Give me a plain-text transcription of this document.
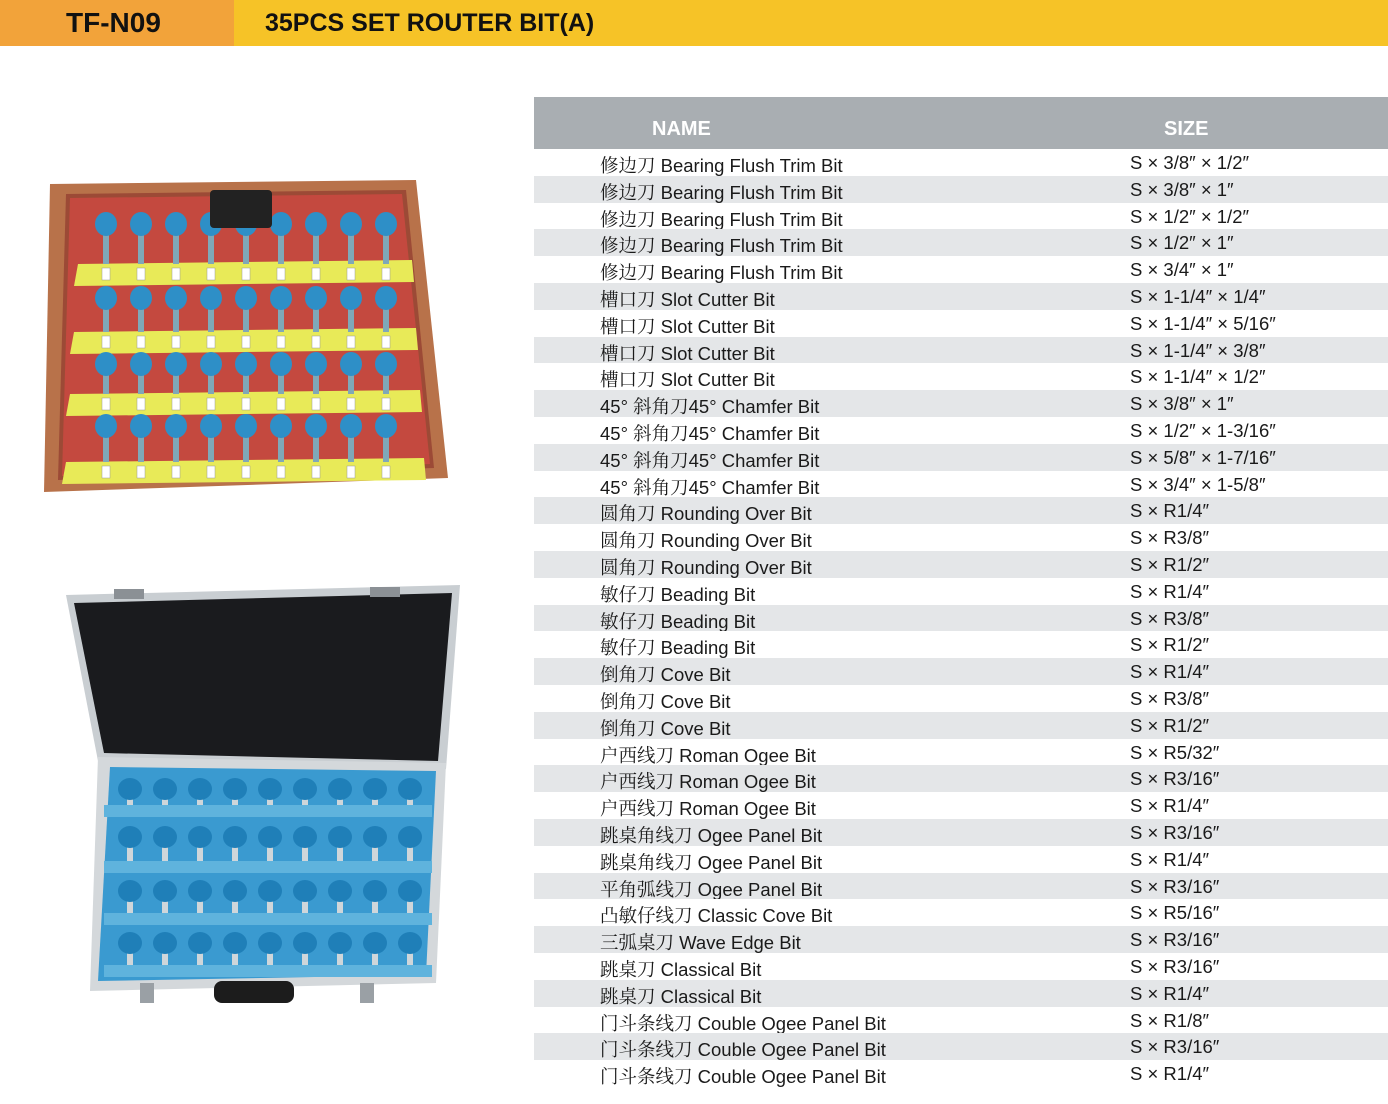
TF-N09	35PCS SET ROUTER BIT(A)
NAME	SIZE
修边刀 Bearing Flush Trim Bit	S × 3/8″ × 1/2″
修边刀 Bearing Flush Trim Bit	S × 3/8″ × 1″
修边刀 Bearing Flush Trim Bit	S × 1/2″ × 1/2″
修边刀 Bearing Flush Trim Bit	S × 1/2″ × 1″
修边刀 Bearing Flush Trim Bit	S × 3/4″ × 1″
槽口刀 Slot Cutter Bit	S × 1-1/4″ × 1/4″
槽口刀 Slot Cutter Bit	S × 1-1/4″ × 5/16″
槽口刀 Slot Cutter Bit	S × 1-1/4″ × 3/8″
槽口刀 Slot Cutter Bit	S × 1-1/4″ × 1/2″
45° 斜角刀45° Chamfer Bit	S × 3/8″ × 1″
45° 斜角刀45° Chamfer Bit	S × 1/2″ × 1-3/16″
45° 斜角刀45° Chamfer Bit	S × 5/8″ × 1-7/16″
45° 斜角刀45° Chamfer Bit	S × 3/4″ × 1-5/8″
圆角刀 Rounding Over Bit	S × R1/4″
圆角刀 Rounding Over Bit	S × R3/8″
圆角刀 Rounding Over Bit	S × R1/2″
敏仔刀 Beading Bit	S × R1/4″
敏仔刀 Beading Bit	S × R3/8″
敏仔刀 Beading Bit	S × R1/2″
倒角刀 Cove Bit	S × R1/4″
倒角刀 Cove Bit	S × R3/8″
倒角刀 Cove Bit	S × R1/2″
户西线刀 Roman Ogee Bit	S × R5/32″
户西线刀 Roman Ogee Bit	S × R3/16″
户西线刀 Roman Ogee Bit	S × R1/4″
跳桌角线刀 Ogee Panel Bit	S × R3/16″
跳桌角线刀 Ogee Panel Bit	S × R1/4″
平角弧线刀 Ogee Panel Bit	S × R3/16″
凸敏仔线刀 Classic Cove Bit	S × R5/16″
三弧桌刀 Wave Edge Bit	S × R3/16″
跳桌刀 Classical Bit	S × R3/16″
跳桌刀 Classical Bit	S × R1/4″
门斗条线刀 Couble Ogee Panel Bit	S × R1/8″
门斗条线刀 Couble Ogee Panel Bit	S × R3/16″
门斗条线刀 Couble Ogee Panel Bit	S × R1/4″
